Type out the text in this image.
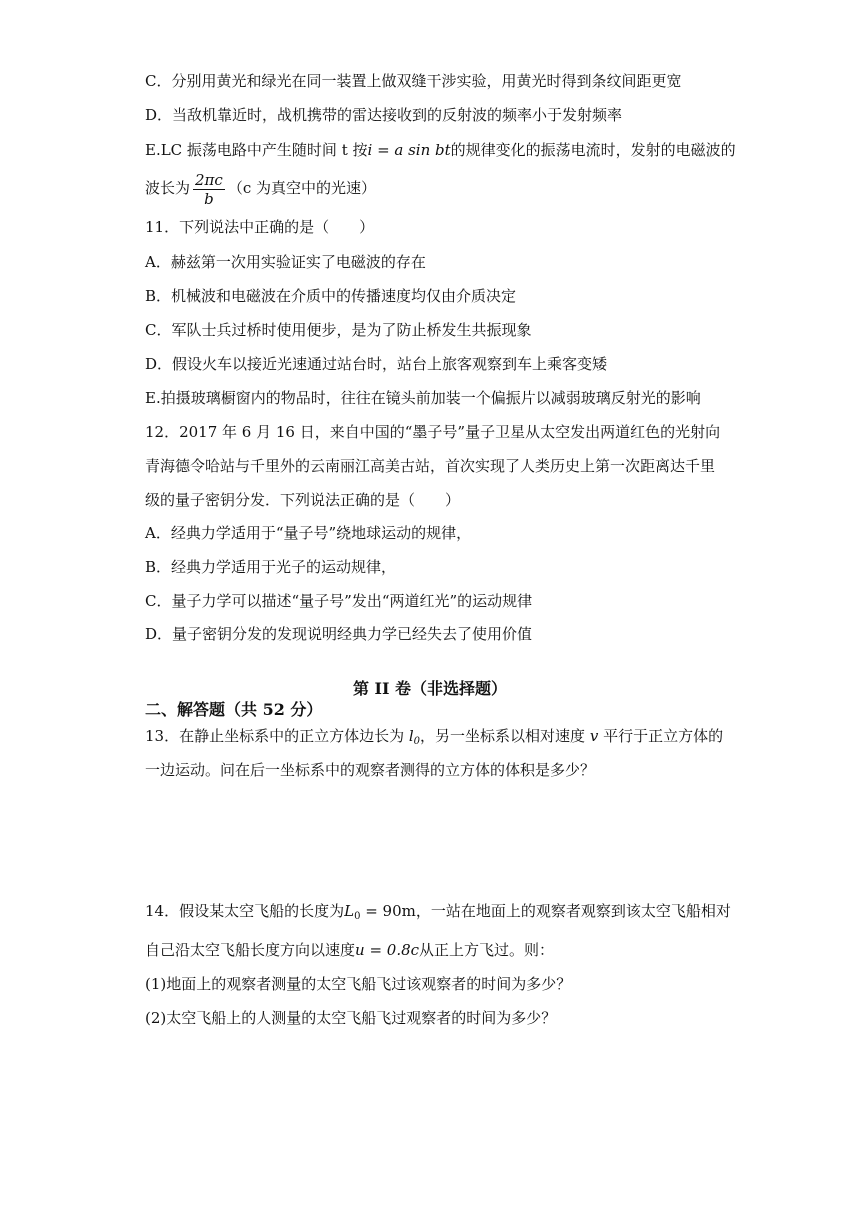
C．分别用黄光和绿光在同一装置上做双缝干涉实验，用黄光时得到条纹间距更宽
D．当敌机靠近时，战机携带的雷达接收到的反射波的频率小于发射频率
E.LC 振荡电路中产生随时间 t 按i = a sin bt的规律变化的振荡电流时，发射的电磁波的
波长为 $\frac{2\pi c}{b} (c$ 为真空中的光速）
11．下列说法中正确的是（　　）
A．赫兹第一次用实验证实了电磁波的存在
B．机械波和电磁波在介质中的传播速度均仅由介质决定
C．军队士兵过桥时使用便步，是为了防止桥发生共振现象
D．假设火车以接近光速通过站台时，站台上旅客观察到车上乘客变矮
E.拍摄玻璃橱窗内的物品时，往往在镜头前加装一个偏振片以减弱玻璃反射光的影响
12．2017 年 6 月 16 日，来自中国的“墨子号”量子卫星从太空发出两道红色的光射向
青海德令哈站与千里外的云南丽江高美古站，首次实现了人类历史上第一次距离达千里
级的量子密钥分发．下列说法正确的是（　　）
A．经典力学适用于“量子号”绕地球运动的规律，
B．经典力学适用于光子的运动规律，
C．量子力学可以描述“量子号”发出“两道红光”的运动规律
D．量子密钥分发的发现说明经典力学已经失去了使用价值
第 II 卷（非选择题）
二、解答题（共 52 分）
13．在静止坐标系中的正立方体边长为 $l_0$，另一坐标系以相对速度 v 平行于正立方体的
一边运动。问在后一坐标系中的观察者测得的立方体的体积是多少？
14．假设某太空飞船的长度为$L_0 = 90m$，一站在地面上的观察者观察到该太空飞船相对
自己沿太空飞船长度方向以速度u = 0.8c从正上方飞过。则：
(1)地面上的观察者测量的太空飞船飞过该观察者的时间为多少？
(2)太空飞船上的人测量的太空飞船飞过观察者的时间为多少？
